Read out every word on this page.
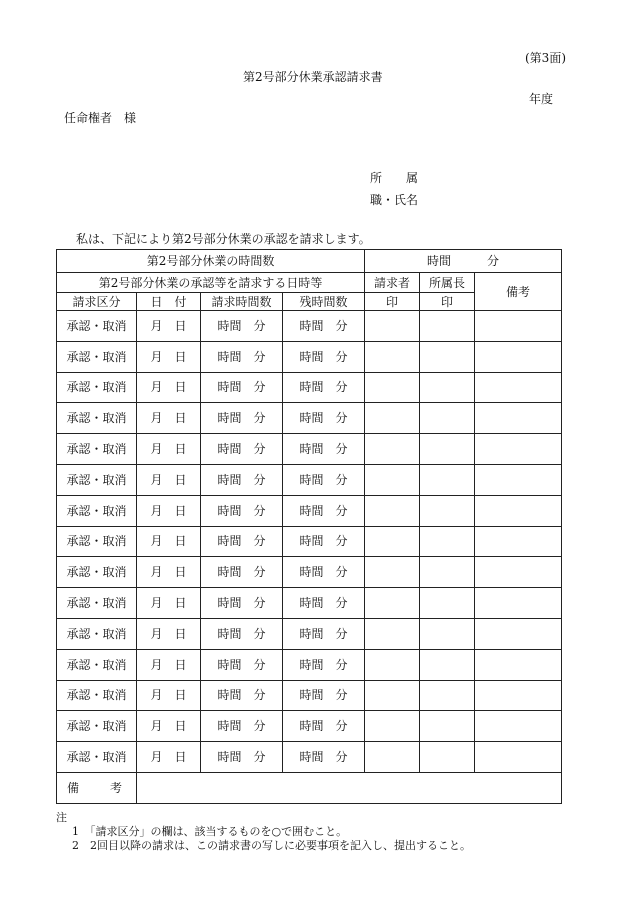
(第3面)
第2号部分休業承認請求書
年度
任命権者　様
所　　属
職・氏名
私は、下記により第2号部分休業の承認を請求します。
第2号部分休業の時間数				時間　　　分		
第2号部分休業の承認等を請求する日時等				請求者	所属長	備考
請求区分	日　付	請求時間数	残時間数	印	印	
承認・取消	月　日	時間　分	時間　分			
承認・取消	月　日	時間　分	時間　分			
承認・取消	月　日	時間　分	時間　分			
承認・取消	月　日	時間　分	時間　分			
承認・取消	月　日	時間　分	時間　分			
承認・取消	月　日	時間　分	時間　分			
承認・取消	月　日	時間　分	時間　分			
承認・取消	月　日	時間　分	時間　分			
承認・取消	月　日	時間　分	時間　分			
承認・取消	月　日	時間　分	時間　分			
承認・取消	月　日	時間　分	時間　分			
承認・取消	月　日	時間　分	時間　分			
承認・取消	月　日	時間　分	時間　分			
承認・取消	月　日	時間　分	時間　分			
承認・取消	月　日	時間　分	時間　分			
備　考						
注
1　「請求区分」の欄は、該当するものを○で囲むこと。
2　2回目以降の請求は、この請求書の写しに必要事項を記入し、提出すること。
